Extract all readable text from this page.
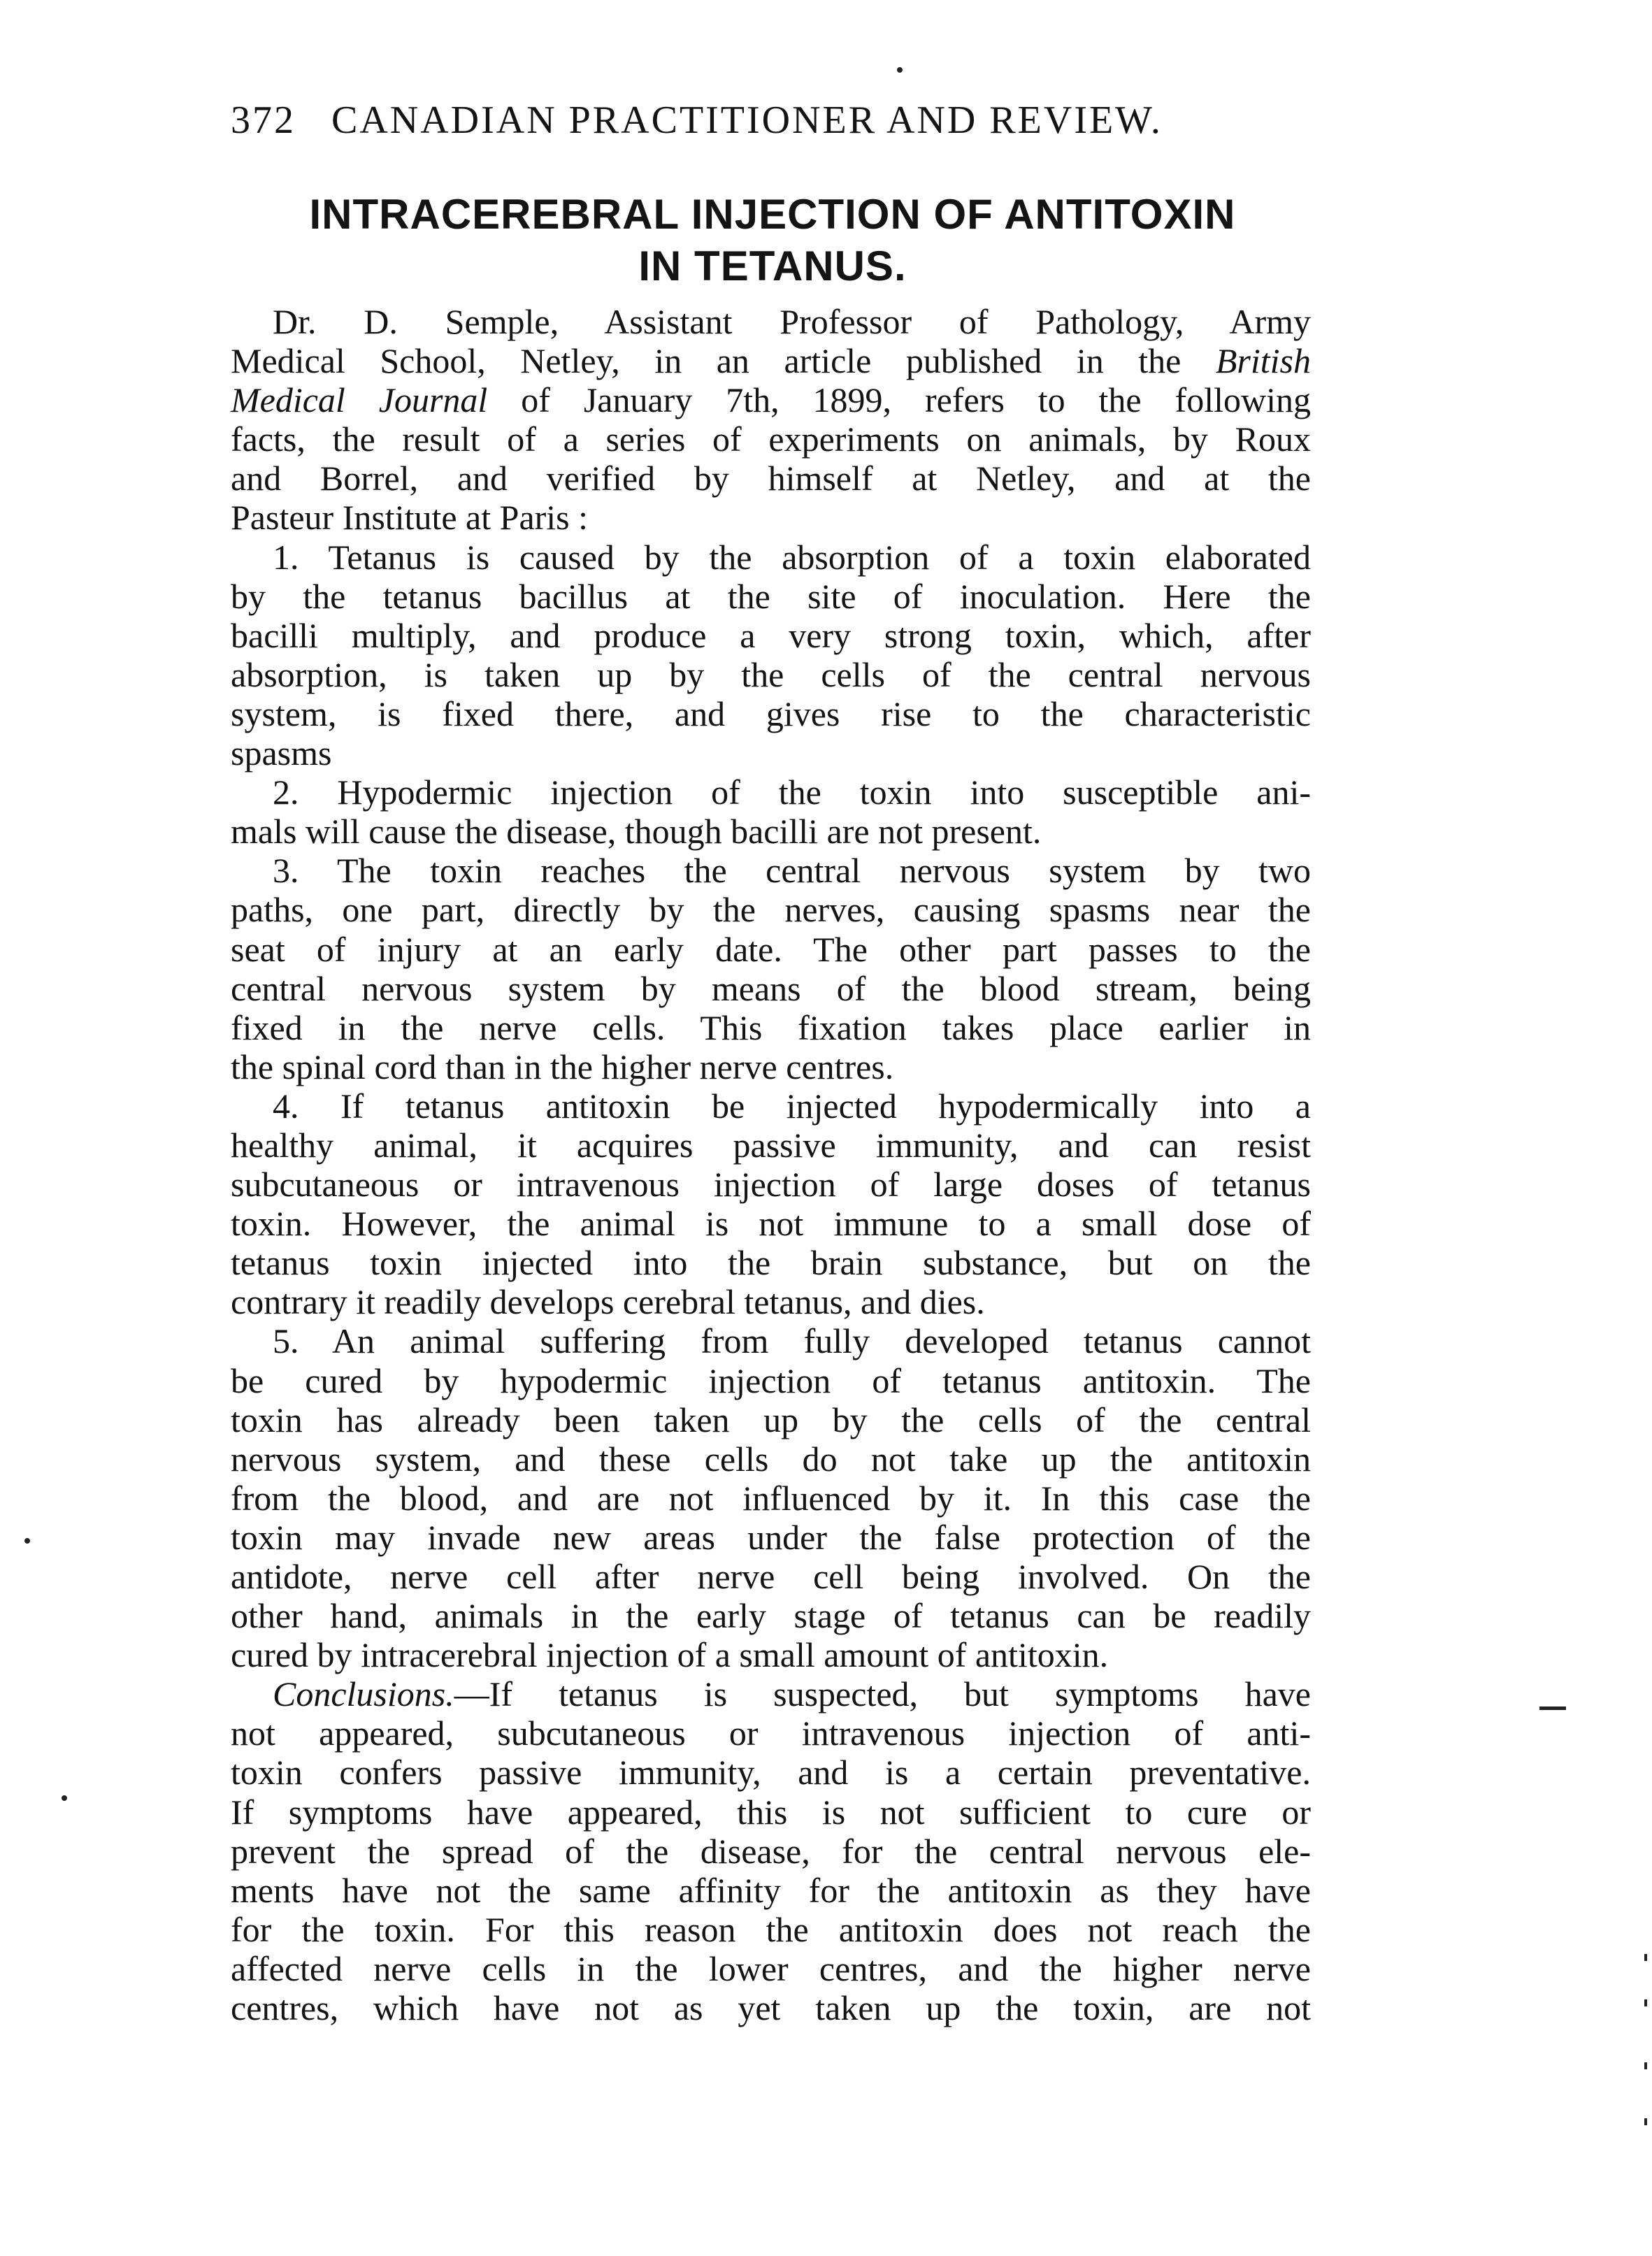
372 CANADIAN PRACTITIONER AND REVIEW.
INTRACEREBRAL INJECTION OF ANTITOXIN
IN TETANUS.
Dr. D. Semple, Assistant Professor of Pathology, Army
Medical School, Netley, in an article published in the British
Medical Journal of January 7th, 1899, refers to the following
facts, the result of a series of experiments on animals, by Roux
and Borrel, and verified by himself at Netley, and at the
Pasteur Institute at Paris :
1. Tetanus is caused by the absorption of a toxin elaborated
by the tetanus bacillus at the site of inoculation. Here the
bacilli multiply, and produce a very strong toxin, which, after
absorption, is taken up by the cells of the central nervous
system, is fixed there, and gives rise to the characteristic
spasms
2. Hypodermic injection of the toxin into susceptible ani-
mals will cause the disease, though bacilli are not present.
3. The toxin reaches the central nervous system by two
paths, one part, directly by the nerves, causing spasms near the
seat of injury at an early date. The other part passes to the
central nervous system by means of the blood stream, being
fixed in the nerve cells. This fixation takes place earlier in
the spinal cord than in the higher nerve centres.
4. If tetanus antitoxin be injected hypodermically into a
healthy animal, it acquires passive immunity, and can resist
subcutaneous or intravenous injection of large doses of tetanus
toxin. However, the animal is not immune to a small dose of
tetanus toxin injected into the brain substance, but on the
contrary it readily develops cerebral tetanus, and dies.
5. An animal suffering from fully developed tetanus cannot
be cured by hypodermic injection of tetanus antitoxin. The
toxin has already been taken up by the cells of the central
nervous system, and these cells do not take up the antitoxin
from the blood, and are not influenced by it. In this case the
toxin may invade new areas under the false protection of the
antidote, nerve cell after nerve cell being involved. On the
other hand, animals in the early stage of tetanus can be readily
cured by intracerebral injection of a small amount of antitoxin.
Conclusions.—If tetanus is suspected, but symptoms have
not appeared, subcutaneous or intravenous injection of anti-
toxin confers passive immunity, and is a certain preventative.
If symptoms have appeared, this is not sufficient to cure or
prevent the spread of the disease, for the central nervous ele-
ments have not the same affinity for the antitoxin as they have
for the toxin. For this reason the antitoxin does not reach the
affected nerve cells in the lower centres, and the higher nerve
centres, which have not as yet taken up the toxin, are not
